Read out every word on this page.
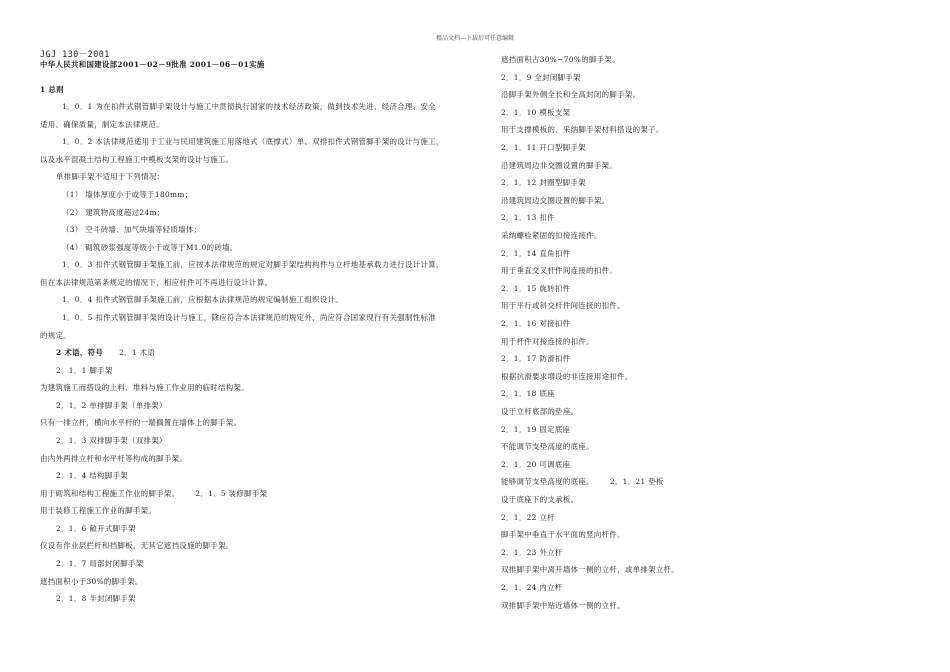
精品文档---下载后可任意编辑
JGJ 130－2001
中华人民共和国建设部2001－02－9批准 2001－06－01实施
1 总则
1．0．1 为在扣件式钢管脚手架设计与施工中贯彻执行国家的技术经济政策，做到技术先进、经济合理、安全
适用、确保质量，制定本法律规范。
1．0．2 本法律规范适用于工业与民用建筑施工用落地式（底撑式）单、双排扣件式钢管脚手架的设计与施工，
以及水平混凝土结构工程施工中模板支架的设计与施工。
单排脚手架不适用于下列情况：
（1） 墙体厚度小于或等于180mm；
（2） 建筑物高度超过24m；
（3） 空斗砖墙、加气块墙等轻质墙体；
（4） 砌筑砂浆强度等级小于或等于M1.0的砖墙。
1．0．3 扣件式钢管脚手架施工前，应按本法律规范的规定对脚手架结构构件与立杆地基承载力进行设计计算，
但在本法律规范第条规定的情况下，相应杆件可不再进行设计计算。
1．0．4 扣件式钢管脚手架施工前，应根据本法律规范的规定编制施工组织设计。
1．0．5 扣件式钢管脚手架的设计与施工，除应符合本法律规范的规定外，尚应符合国家现行有关强制性标准
的规定。
2 术语、符号 2．1 术语
2．1．1 脚手架
为建筑施工而搭设的上料、堆料与施工作业用的临时结构架。
2．1．2 单排脚手架（单排架）
只有一排立杆，横向水平杆的一端搁置在墙体上的脚手架。
2．1．3 双排脚手架（双排架）
由内外两排立杆和水平杆等构成的脚手架。
2．1．4 结构脚手架
用于砌筑和结构工程施工作业的脚手架。 2．1．5 装修脚手架
用于装修工程施工作业的脚手架。
2．1．6 敞开式脚手架
仅设有作业层栏杆和挡脚板，无其它遮挡设施的脚手架。
2．1．7 局部封闭脚手架
遮挡面积小于30%的脚手架。
2．1．8 半封闭脚手架
遮挡面积占30%~70%的脚手架。
2．1．9 全封闭脚手架
沿脚手架外侧全长和全高封闭的脚手架。
2．1．10 模板支架
用于支撑模板的、采纳脚手架材料搭设的架子。
2．1．11 开口型脚手架
沿建筑周边非交圈设置的脚手架。
2．1．12 封圈型脚手架
沿建筑周边交圈设置的脚手架。
2．1．13 扣件
采纳螺栓紧固的扣接连接件。
2．1．14 直角扣件
用于垂直交叉杆件间连接的扣件。
2．1．15 旋转扣件
用于平行或斜交杆件间连接的扣件。
2．1．16 对接扣件
用于杆件对接连接的扣件。
2．1．17 防滑扣件
根据抗滑要求增设的非连接用途扣件。
2．1．18 底座
设于立杆底部的垫座。
2．1．19 固定底座
不能调节支垫高度的底座。
2．1．20 可调底座
能够调节支垫高度的底座。 2．1．21 垫板
设于底座下的支承板。
2．1．22 立杆
脚手架中垂直于水平面的竖向杆件。
2．1．23 外立杆
双排脚手架中离开墙体一侧的立杆，或单排架立杆。
2．1．24 内立杆
双排脚手架中贴近墙体一侧的立杆。
